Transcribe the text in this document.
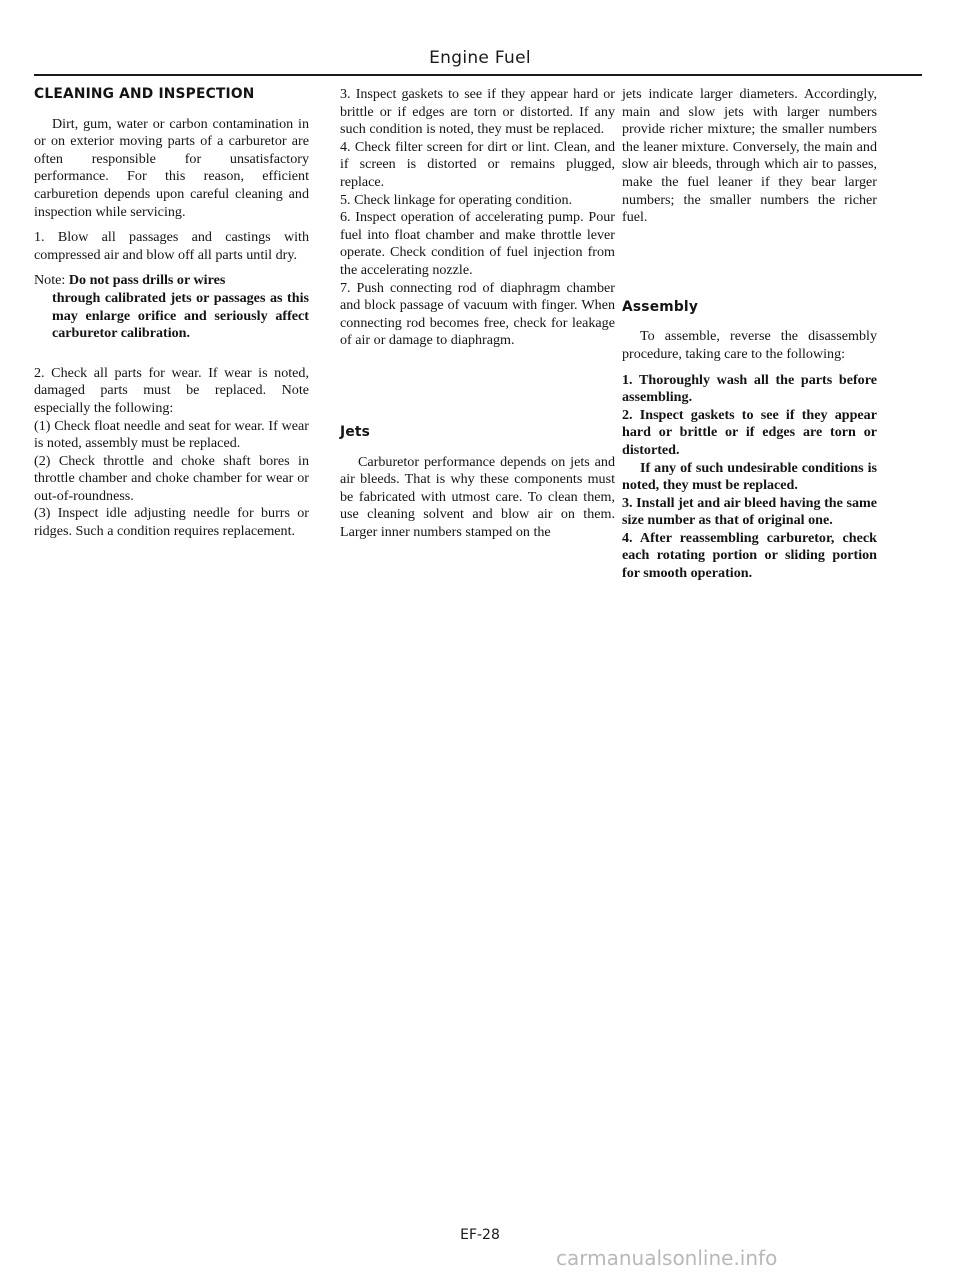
Engine Fuel
CLEANING AND INSPECTION

Dirt, gum, water or carbon contamination in or on exterior moving parts of a carburetor are often responsible for unsatisfactory performance. For this reason, efficient carburetion depends upon careful cleaning and inspection while servicing.

1. Blow all passages and castings with compressed air and blow off all parts until dry.

Note: Do not pass drills or wires

through calibrated jets or passages as this may enlarge orifice and seriously affect carburetor calibration.

2. Check all parts for wear. If wear is noted, damaged parts must be replaced. Note especially the following:

(1) Check float needle and seat for wear. If wear is noted, assembly must be replaced.

(2) Check throttle and choke shaft bores in throttle chamber and choke chamber for wear or out-of-roundness.

(3) Inspect idle adjusting needle for burrs or ridges. Such a condition requires replacement.

3. Inspect gaskets to see if they appear hard or brittle or if edges are torn or distorted. If any such condition is noted, they must be replaced.

4. Check filter screen for dirt or lint. Clean, and if screen is distorted or remains plugged, replace.

5. Check linkage for operating condition.

6. Inspect operation of accelerating pump. Pour fuel into float chamber and make throttle lever operate. Check condition of fuel injection from the accelerating nozzle.

7. Push connecting rod of diaphragm chamber and block passage of vacuum with finger. When connecting rod becomes free, check for leakage of air or damage to diaphragm.

Jets

Carburetor performance depends on jets and air bleeds. That is why these components must be fabricated with utmost care. To clean them, use cleaning solvent and blow air on them. Larger inner numbers stamped on the

jets indicate larger diameters. Accordingly, main and slow jets with larger numbers provide richer mixture; the smaller numbers the leaner mixture. Conversely, the main and slow air bleeds, through which air to passes, make the fuel leaner if they bear larger numbers; the smaller numbers the richer fuel.

Assembly

To assemble, reverse the disassembly procedure, taking care to the following:

1. Thoroughly wash all the parts before assembling.

2. Inspect gaskets to see if they appear hard or brittle or if edges are torn or distorted.

If any of such undesirable conditions is noted, they must be replaced.

3. Install jet and air bleed having the same size number as that of original one.

4. After reassembling carburetor, check each rotating portion or sliding portion for smooth operation.

EF-28
carmanualsonline.info
